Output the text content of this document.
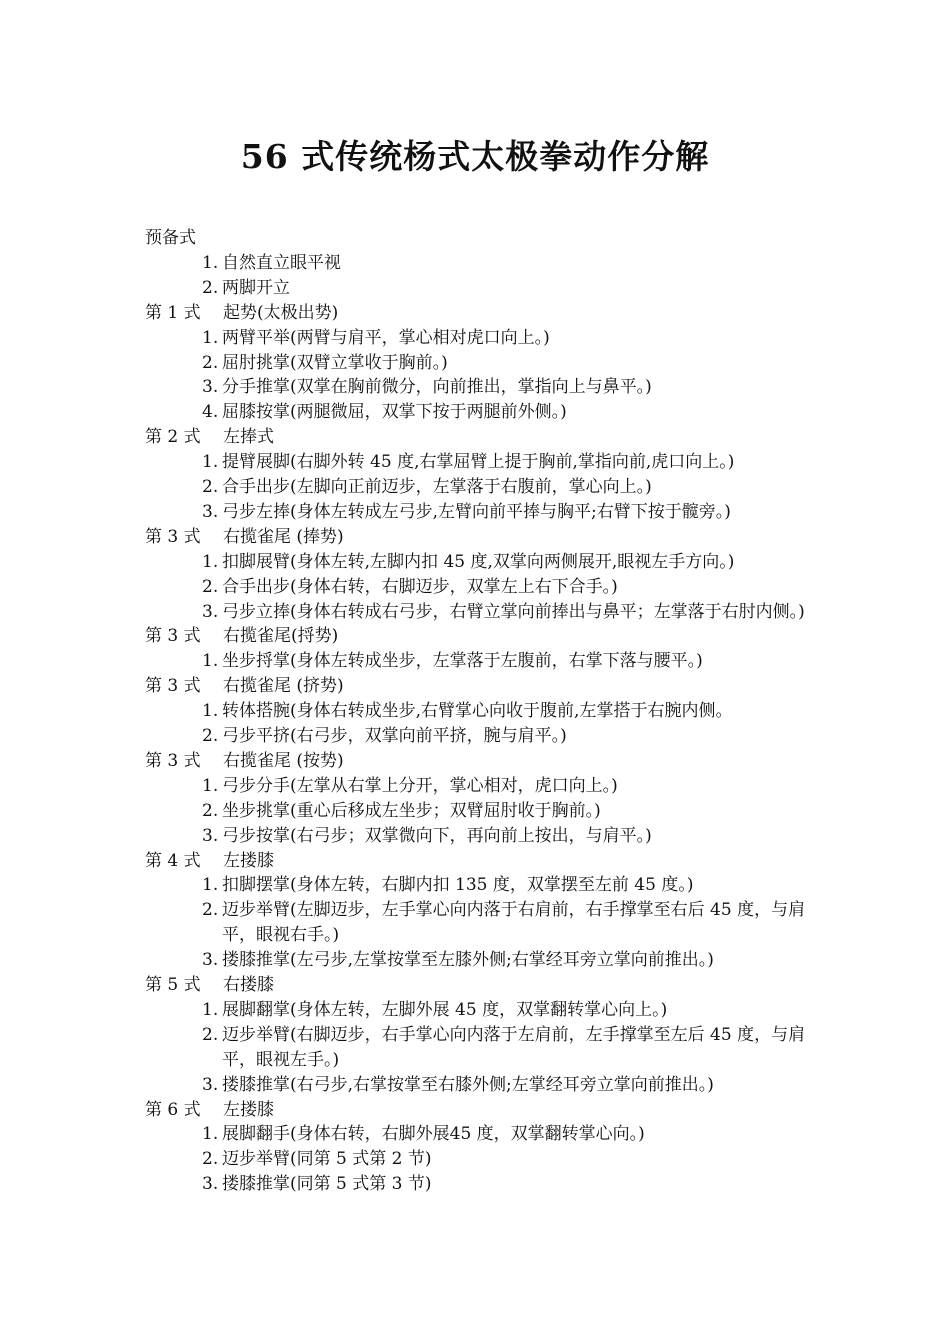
56 式传统杨式太极拳动作分解
预备式
1. 自然直立眼平视
2. 两脚开立
第 1 式 起势(太极出势)
1. 两臂平举(两臂与肩平，掌心相对虎口向上。)
2. 屈肘挑掌(双臂立掌收于胸前。)
3. 分手推掌(双掌在胸前微分，向前推出，掌指向上与鼻平。)
4. 屈膝按掌(两腿微屈，双掌下按于两腿前外侧。)
第 2 式 左捧式
1. 提臂展脚(右脚外转 45 度,右掌屈臂上提于胸前,掌指向前,虎口向上。)
2. 合手出步(左脚向正前迈步，左掌落于右腹前，掌心向上。)
3. 弓步左捧(身体左转成左弓步,左臂向前平捧与胸平;右臂下按于髋旁。)
第 3 式 右揽雀尾 (捧势)
1. 扣脚展臂(身体左转,左脚内扣 45 度,双掌向两侧展开,眼视左手方向。)
2. 合手出步(身体右转，右脚迈步，双掌左上右下合手。)
3. 弓步立捧(身体右转成右弓步，右臂立掌向前捧出与鼻平；左掌落于右肘内侧。)
第 3 式 右揽雀尾(捋势)
1. 坐步捋掌(身体左转成坐步，左掌落于左腹前，右掌下落与腰平。)
第 3 式 右揽雀尾 (挤势)
1. 转体搭腕(身体右转成坐步,右臂掌心向收于腹前,左掌搭于右腕内侧。
2. 弓步平挤(右弓步，双掌向前平挤，腕与肩平。)
第 3 式 右揽雀尾 (按势)
1. 弓步分手(左掌从右掌上分开，掌心相对，虎口向上。)
2. 坐步挑掌(重心后移成左坐步；双臂屈肘收于胸前。)
3. 弓步按掌(右弓步；双掌微向下，再向前上按出，与肩平。)
第 4 式 左搂膝
1. 扣脚摆掌(身体左转，右脚内扣 135 度，双掌摆至左前 45 度。)
2. 迈步举臂(左脚迈步，左手掌心向内落于右肩前，右手撑掌至右后 45 度，与肩平，眼视右手。)
3. 搂膝推掌(左弓步,左掌按掌至左膝外侧;右掌经耳旁立掌向前推出。)
第 5 式 右搂膝
1. 展脚翻掌(身体左转，左脚外展 45 度，双掌翻转掌心向上。)
2. 迈步举臂(右脚迈步，右手掌心向内落于左肩前，左手撑掌至左后 45 度，与肩平，眼视左手。)
3. 搂膝推掌(右弓步,右掌按掌至右膝外侧;左掌经耳旁立掌向前推出。)
第 6 式 左搂膝
1. 展脚翻手(身体右转，右脚外展45 度，双掌翻转掌心向。)
2. 迈步举臂(同第 5 式第 2 节)
3. 搂膝推掌(同第 5 式第 3 节)
